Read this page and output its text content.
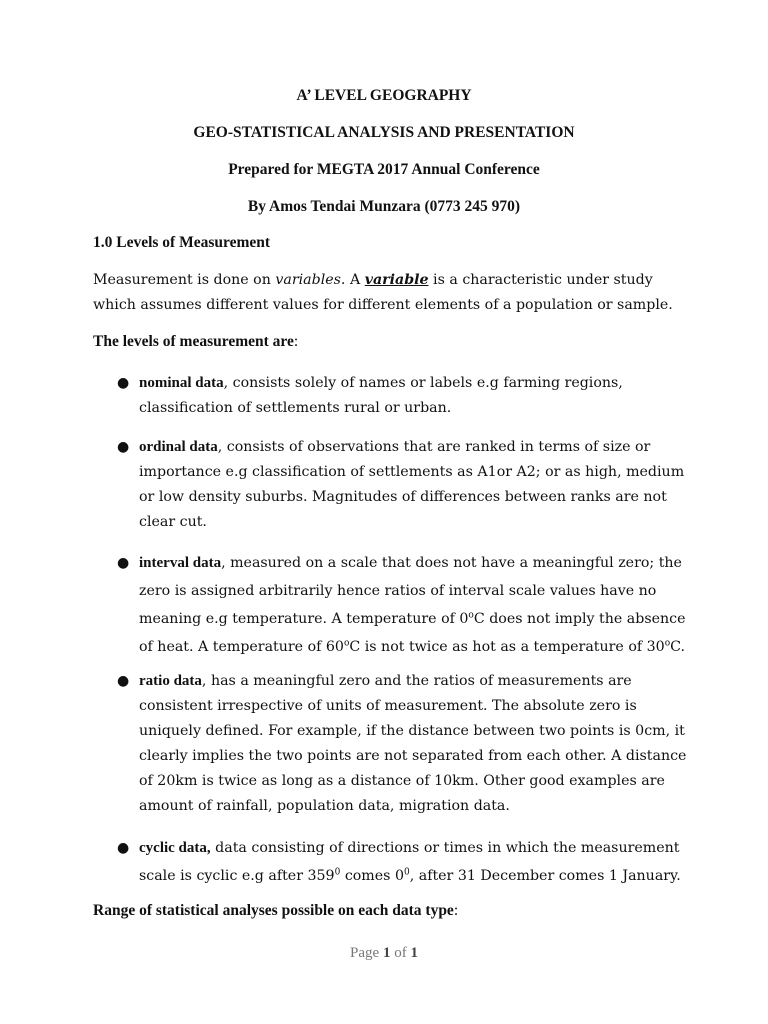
A’ LEVEL GEOGRAPHY
GEO-STATISTICAL ANALYSIS AND PRESENTATION
Prepared for MEGTA 2017 Annual Conference
By Amos Tendai Munzara (0773 245 970)
1.0 Levels of Measurement
Measurement is done on variables. A variable is a characteristic under study which assumes different values for different elements of a population or sample.
The levels of measurement are:
● nominal data, consists solely of names or labels e.g farming regions, classification of settlements rural or urban.
● ordinal data, consists of observations that are ranked in terms of size or importance e.g classification of settlements as A1or A2; or as high, medium or low density suburbs. Magnitudes of differences between ranks are not clear cut.
● interval data, measured on a scale that does not have a meaningful zero; the zero is assigned arbitrarily hence ratios of interval scale values have no meaning e.g temperature. A temperature of 0$^o$C does not imply the absence of heat. A temperature of 60$^o$C is not twice as hot as a temperature of 30$^o$C.
● ratio data, has a meaningful zero and the ratios of measurements are consistent irrespective of units of measurement. The absolute zero is uniquely defined. For example, if the distance between two points is 0cm, it clearly implies the two points are not separated from each other. A distance of 20km is twice as long as a distance of 10km. Other good examples are amount of rainfall, population data, migration data.
● cyclic data, data consisting of directions or times in which the measurement scale is cyclic e.g after $359^0$ comes $0^0$, after 31 December comes 1 January.
Range of statistical analyses possible on each data type:
Page 1 of 1
